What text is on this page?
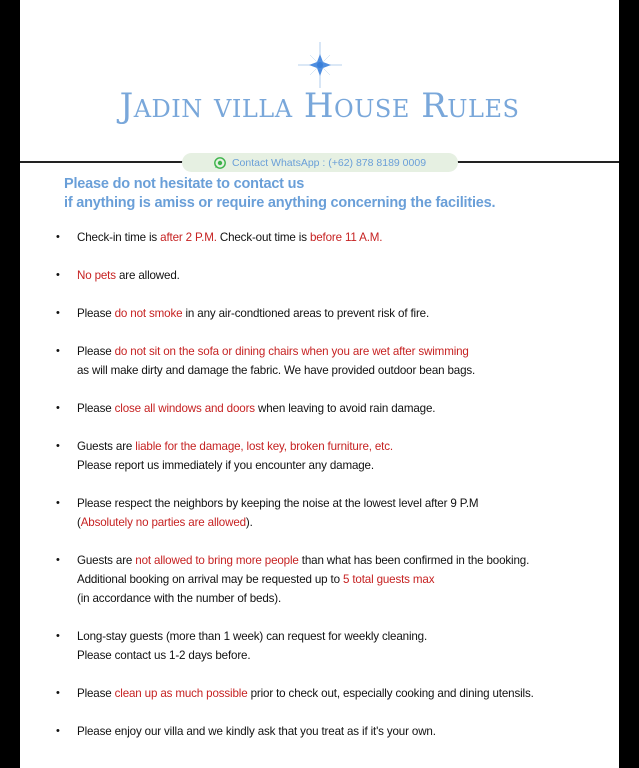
Jadin villa House Rules
Contact WhatsApp : (+62) 878 8189 0009
Please do not hesitate to contact us
if anything is amiss or require anything concerning the facilities.
• Check-in time is after 2 P.M. Check-out time is before 11 A.M.
• No pets are allowed.
• Please do not smoke in any air-condtioned areas to prevent risk of fire.
• Please do not sit on the sofa or dining chairs when you are wet after swimming
as will make dirty and damage the fabric. We have provided outdoor bean bags.
• Please close all windows and doors when leaving to avoid rain damage.
• Guests are liable for the damage, lost key, broken furniture, etc.
Please report us immediately if you encounter any damage.
• Please respect the neighbors by keeping the noise at the lowest level after 9 P.M
(Absolutely no parties are allowed).
• Guests are not allowed to bring more people than what has been confirmed in the booking.
Additional booking on arrival may be requested up to 5 total guests max
(in accordance with the number of beds).
• Long-stay guests (more than 1 week) can request for weekly cleaning.
Please contact us 1-2 days before.
• Please clean up as much possible prior to check out, especially cooking and dining utensils.
• Please enjoy our villa and we kindly ask that you treat as if it's your own.
